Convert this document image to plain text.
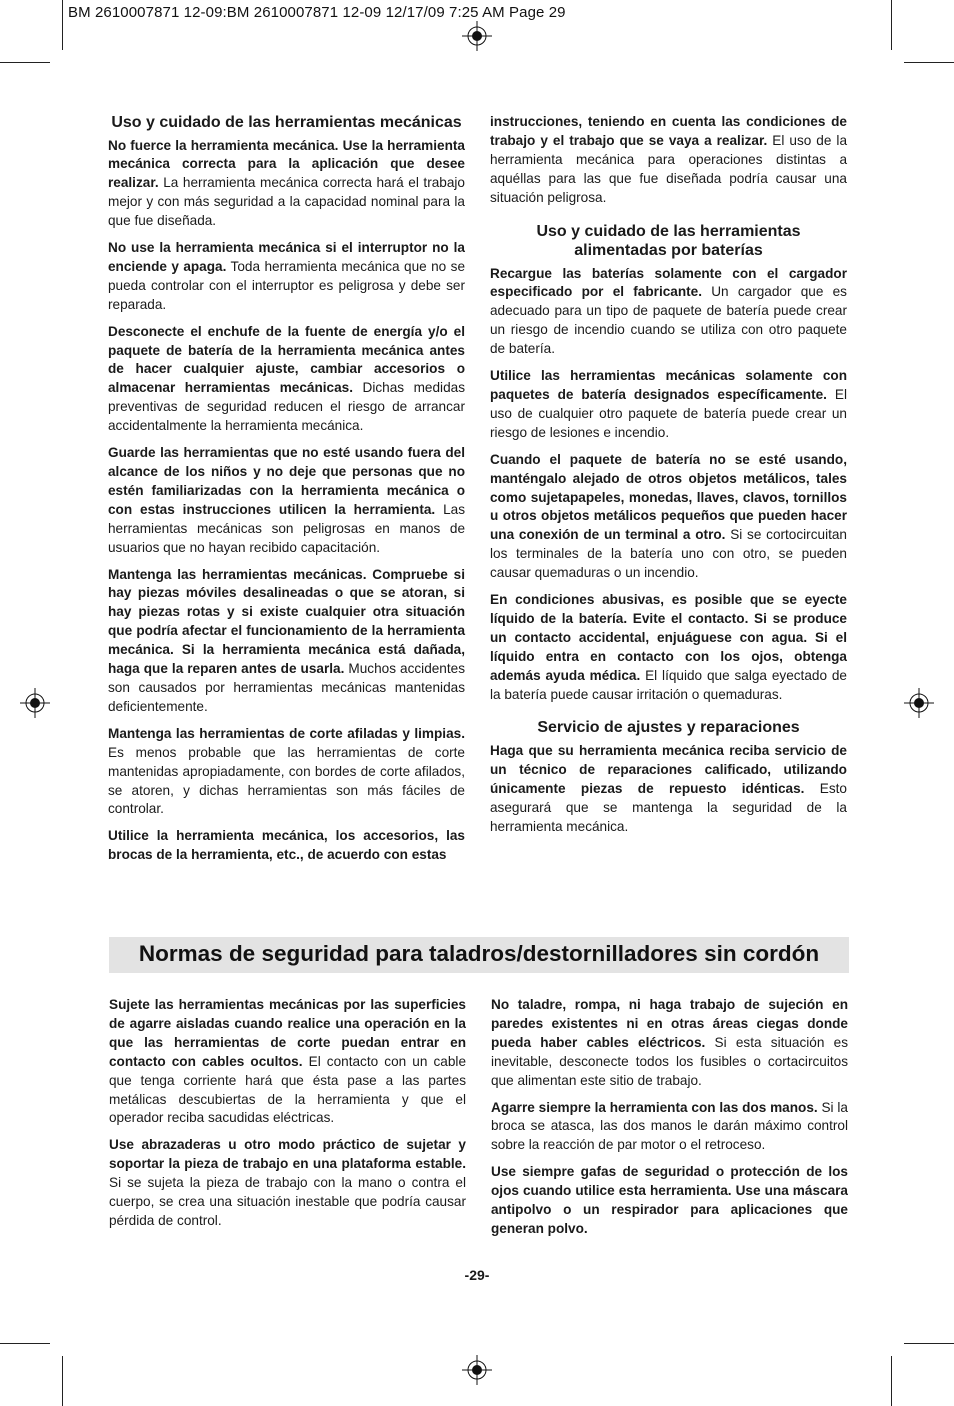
BM 2610007871 12-09:BM 2610007871 12-09 12/17/09 7:25 AM Page 29
Uso y cuidado de las herramientas mecánicas

No fuerce la herramienta mecánica. Use la herramienta mecánica correcta para la aplicación que desee realizar. La herramienta mecánica correcta hará el trabajo mejor y con más seguridad a la capacidad nominal para la que fue diseñada.

No use la herramienta mecánica si el interruptor no la enciende y apaga. Toda herramienta mecánica que no se pueda controlar con el interruptor es peligrosa y debe ser reparada.

Desconecte el enchufe de la fuente de energía y/o el paquete de batería de la herramienta mecánica antes de hacer cualquier ajuste, cambiar accesorios o almacenar herramientas mecánicas. Dichas medidas preventivas de seguridad reducen el riesgo de arrancar accidentalmente la herramienta mecánica.

Guarde las herramientas que no esté usando fuera del alcance de los niños y no deje que personas que no estén familiarizadas con la herramienta mecánica o con estas instrucciones utilicen la herramienta. Las herramientas mecánicas son peligrosas en manos de usuarios que no hayan recibido capacitación.

Mantenga las herramientas mecánicas. Compruebe si hay piezas móviles desalineadas o que se atoran, si hay piezas rotas y si existe cualquier otra situación que podría afectar el funcionamiento de la herramienta mecánica. Si la herramienta mecánica está dañada, haga que la reparen antes de usarla. Muchos accidentes son causados por herramientas mecánicas mantenidas deficientemente.

Mantenga las herramientas de corte afiladas y limpias. Es menos probable que las herramientas de corte mantenidas apropiadamente, con bordes de corte afilados, se atoren, y dichas herramientas son más fáciles de controlar.

Utilice la herramienta mecánica, los accesorios, las brocas de la herramienta, etc., de acuerdo con estas

instrucciones, teniendo en cuenta las condiciones de trabajo y el trabajo que se vaya a realizar. El uso de la herramienta mecánica para operaciones distintas a aquéllas para las que fue diseñada podría causar una situación peligrosa.

Uso y cuidado de las herramientas alimentadas por baterías

Recargue las baterías solamente con el cargador especificado por el fabricante. Un cargador que es adecuado para un tipo de paquete de batería puede crear un riesgo de incendio cuando se utiliza con otro paquete de batería.

Utilice las herramientas mecánicas solamente con paquetes de batería designados específicamente. El uso de cualquier otro paquete de batería puede crear un riesgo de lesiones e incendio.

Cuando el paquete de batería no se esté usando, manténgalo alejado de otros objetos metálicos, tales como sujetapapeles, monedas, llaves, clavos, tornillos u otros objetos metálicos pequeños que pueden hacer una conexión de un terminal a otro. Si se cortocircuitan los terminales de la batería uno con otro, se pueden causar quemaduras o un incendio.

En condiciones abusivas, es posible que se eyecte líquido de la batería. Evite el contacto. Si se produce un contacto accidental, enjuáguese con agua. Si el líquido entra en contacto con los ojos, obtenga además ayuda médica. El líquido que salga eyectado de la batería puede causar irritación o quemaduras.

Servicio de ajustes y reparaciones

Haga que su herramienta mecánica reciba servicio de un técnico de reparaciones calificado, utilizando únicamente piezas de repuesto idénticas. Esto asegurará que se mantenga la seguridad de la herramienta mecánica.

Normas de seguridad para taladros/destornilladores sin cordón

Sujete las herramientas mecánicas por las superficies de agarre aisladas cuando realice una operación en la que las herramientas de corte puedan entrar en contacto con cables ocultos. El contacto con un cable que tenga corriente hará que ésta pase a las partes metálicas descubiertas de la herramienta y que el operador reciba sacudidas eléctricas.

Use abrazaderas u otro modo práctico de sujetar y soportar la pieza de trabajo en una plataforma estable. Si se sujeta la pieza de trabajo con la mano o contra el cuerpo, se crea una situación inestable que podría causar pérdida de control.

No taladre, rompa, ni haga trabajo de sujeción en paredes existentes ni en otras áreas ciegas donde pueda haber cables eléctricos. Si esta situación es inevitable, desconecte todos los fusibles o cortacircuitos que alimentan este sitio de trabajo.

Agarre siempre la herramienta con las dos manos. Si la broca se atasca, las dos manos le darán máximo control sobre la reacción de par motor o el retroceso.

Use siempre gafas de seguridad o protección de los ojos cuando utilice esta herramienta. Use una máscara antipolvo o un respirador para aplicaciones que generan polvo.

-29-
